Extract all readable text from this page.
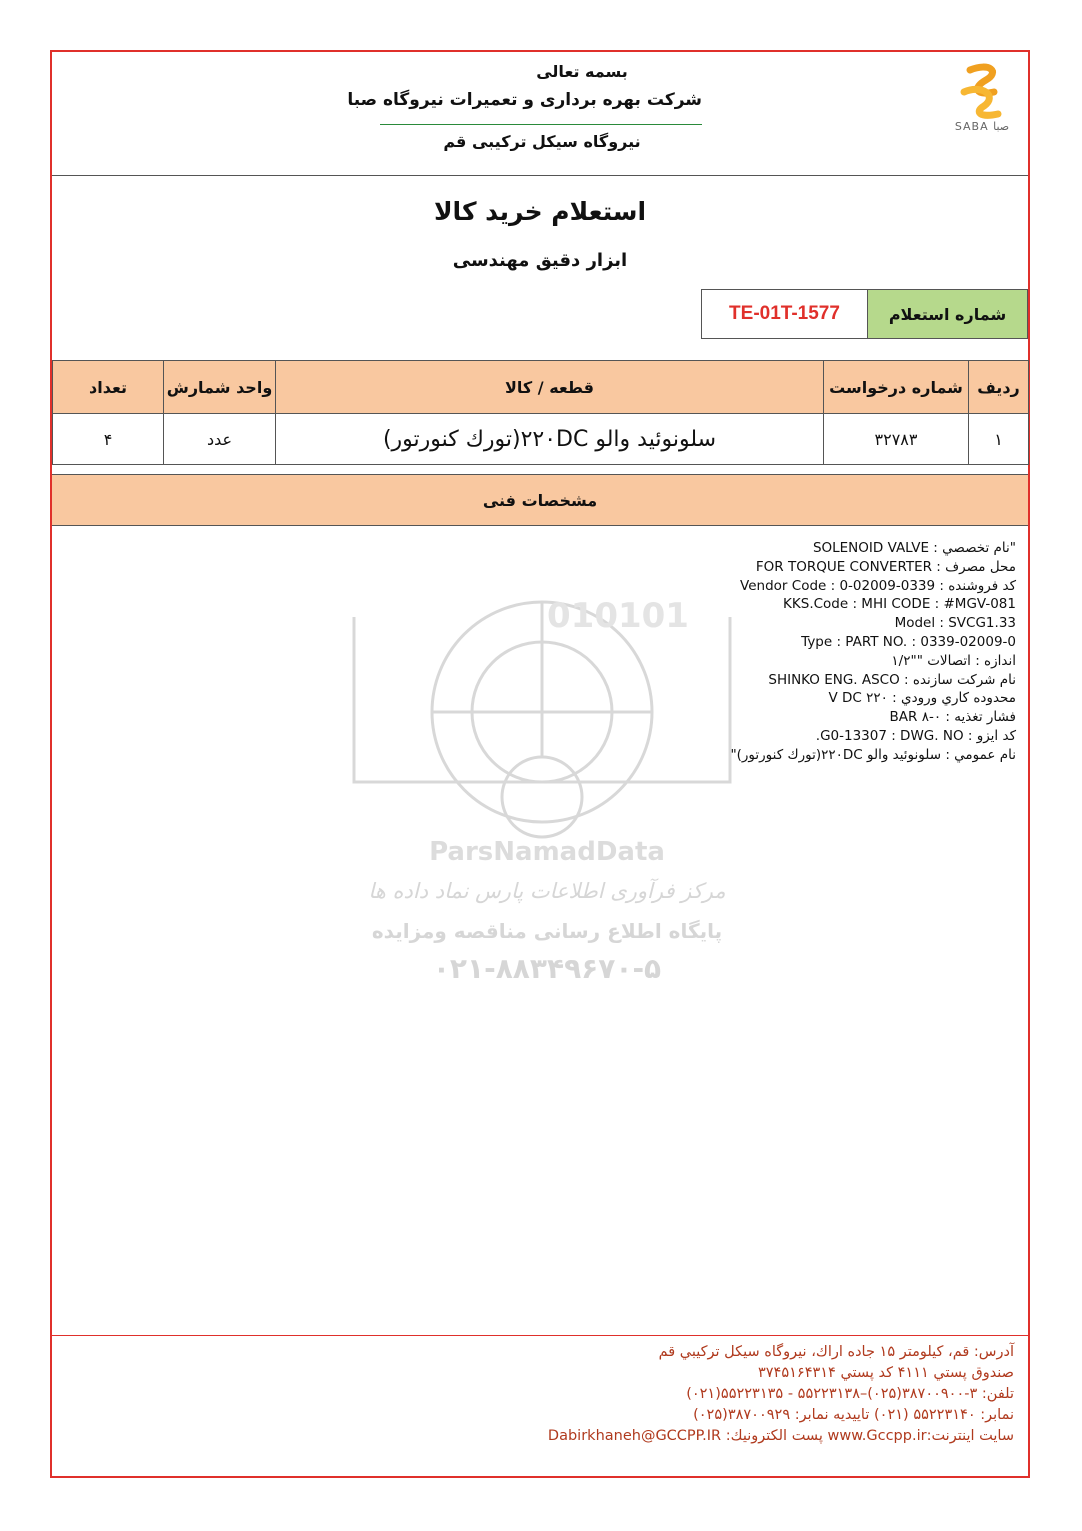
SABA صبا
بسمه تعالی
شرکت بهره برداری و تعمیرات نیروگاه صبا
نیروگاه سیکل ترکیبی قم
استعلام خرید کالا
ابزار دقیق مهندسی
شماره استعلام
TE-01T-1577
ردیف	شماره درخواست	قطعه / کالا	واحد شمارش	تعداد
۱	۳۲۷۸۳	سلونوئید والو ۲۲۰DC(تورك كنورتور)	عدد	۴
مشخصات فنی
010101
ParsNamadData
مرکز فرآوری اطلاعات پارس نماد داده ها
پایگاه اطلاع رسانی مناقصه ومزایده
۰۲۱-۸۸۳۴۹۶۷۰-۵
"نام تخصصي : SOLENOID VALVE
محل مصرف : FOR TORQUE CONVERTER
كد فروشنده : Vendor Code : 0-02009-0339
KKS.Code : MHI CODE : #MGV-081
Model : SVCG1.33
Type : PART NO. : 0339-02009-0
اندازه : اتصالات ""۱/۲
نام شركت سازنده : SHINKO ENG. ASCO
محدوده كاري ورودي : ۲۲۰ V DC
فشار تغذيه : ۰-۸ BAR
كد ايزو : G0-13307 : DWG. NO.
نام عمومي : سلونوئید والو ۲۲۰DC(تورك كنورتور)"
آدرس: قم، كيلومتر ۱۵ جاده اراك، نيروگاه سيكل تركيبي قم
صندوق پستي ۴۱۱۱ كد پستي ۳۷۴۵۱۶۴۳۱۴
تلفن: ۳-۳۸۷۰۰۹۰۰(۰۲۵)–۵۵۲۲۳۱۳۸ - ۵۵۲۲۳۱۳۵(۰۲۱)
نمابر: ۵۵۲۲۳۱۴۰ (۰۲۱) تاييديه نمابر: ۳۸۷۰۰۹۲۹(۰۲۵)
سايت اينترنت:www.Gccpp.ir پست الكترونيك: Dabirkhaneh@GCCPP.IR
